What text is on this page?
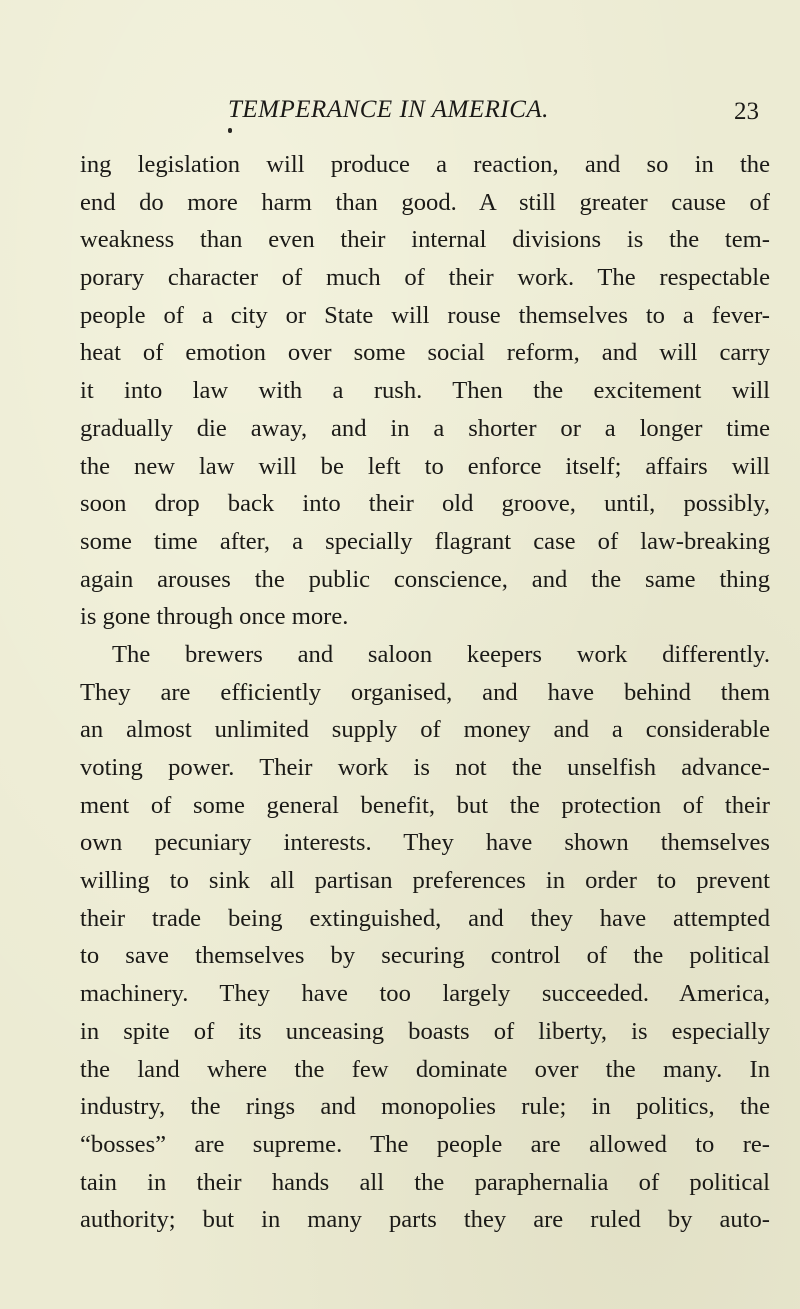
TEMPERANCE IN AMERICA.	23
ing legislation will produce a reaction, and so in the
end do more harm than good. A still greater cause of
weakness than even their internal divisions is the tem-
porary character of much of their work. The respectable
people of a city or State will rouse themselves to a fever-
heat of emotion over some social reform, and will carry
it into law with a rush. Then the excitement will
gradually die away, and in a shorter or a longer time
the new law will be left to enforce itself; affairs will
soon drop back into their old groove, until, possibly,
some time after, a specially flagrant case of law-breaking
again arouses the public conscience, and the same thing
is gone through once more.
The brewers and saloon keepers work differently.
They are efficiently organised, and have behind them
an almost unlimited supply of money and a considerable
voting power. Their work is not the unselfish advance-
ment of some general benefit, but the protection of their
own pecuniary interests. They have shown themselves
willing to sink all partisan preferences in order to prevent
their trade being extinguished, and they have attempted
to save themselves by securing control of the political
machinery. They have too largely succeeded. America,
in spite of its unceasing boasts of liberty, is especially
the land where the few dominate over the many. In
industry, the rings and monopolies rule; in politics, the
“bosses” are supreme. The people are allowed to re-
tain in their hands all the paraphernalia of political
authority; but in many parts they are ruled by auto-
